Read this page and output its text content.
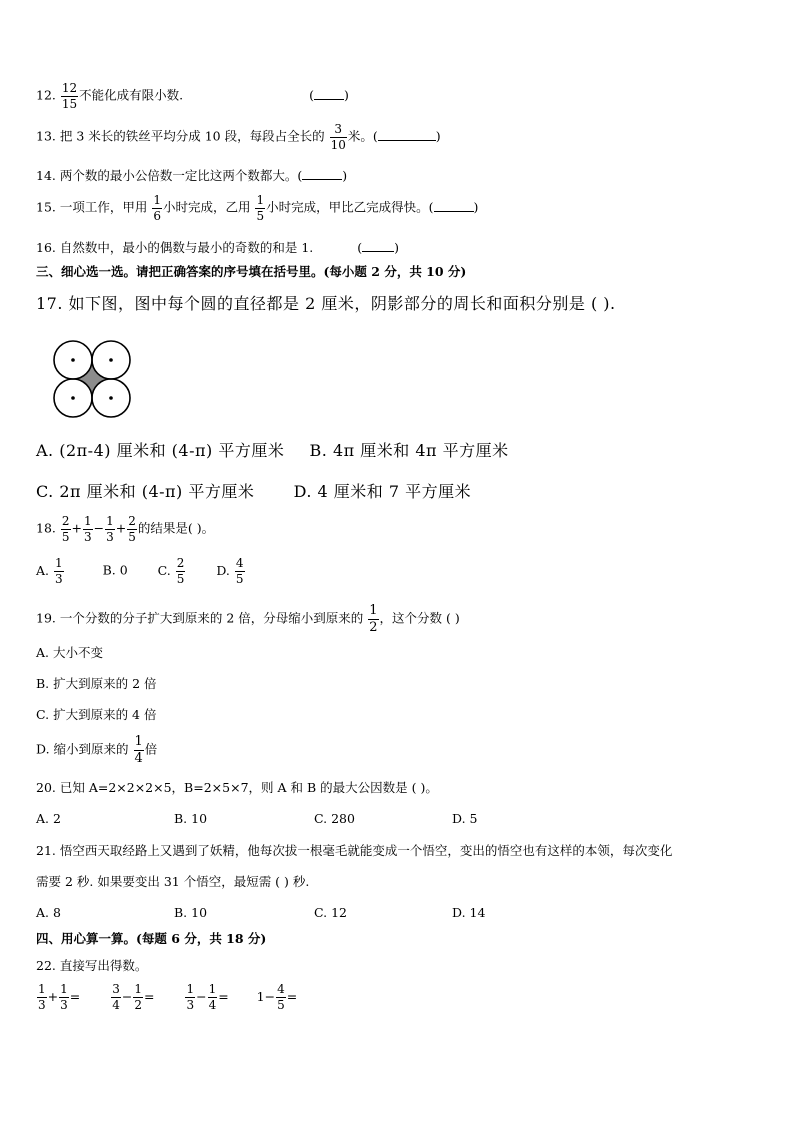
12. $\frac{12}{15}$ 不能化成有限小数.	( )
13. 把 3 米长的铁丝平均分成 10 段，每段占全长的 $\frac{3}{10}$ 米。(	)
14. 两个数的最小公倍数一定比这两个数都大。(	)
15. 一项工作，甲用 $\frac{1}{6}$ 小时完成，乙用 $\frac{1}{5}$ 小时完成，甲比乙完成得快。(	)
16. 自然数中，最小的偶数与最小的奇数的和是 1.	(	)
三、细心选一选。请把正确答案的序号填在括号里。(每小题 2 分，共 10 分)
17. 如下图，图中每个圆的直径都是 2 厘米，阴影部分的周长和面积分别是 ( ).
A. (2π-4) 厘米和 (4-π) 平方厘米 B. 4π 厘米和 4π 平方厘米
C. 2π 厘米和 (4-π) 平方厘米 D. 4 厘米和 7 平方厘米
18. $\frac{2}{5} + \frac{1}{3} - \frac{1}{3} + \frac{2}{5}$ 的结果是( )。
A. $\frac{1}{3}$	B. 0 C. $\frac{2}{5} D$. $\frac{4}{5}$
19. 一个分数的分子扩大到原来的 2 倍，分母缩小到原来的 $\frac{1}{2}$ ，这个分数 ( )
A. 大小不变
B. 扩大到原来的 2 倍
C. 扩大到原来的 4 倍
D. 缩小到原来的 $\frac{1}{4}$ 倍
20. 已知 A=2×2×2×5，B=2×5×7，则 A 和 B 的最大公因数是 ( )。
A. 2	B. 10	C. 280	D. 5
21. 悟空西天取经路上又遇到了妖精，他每次拔一根毫毛就能变成一个悟空，变出的悟空也有这样的本领，每次变化
需要 2 秒. 如果要变出 31 个悟空，最短需 ( ) 秒.
A. 8	B. 10	C. 12	D. 14
四、用心算一算。(每题 6 分，共 18 分)
22. 直接写出得数。
$\frac{1}{3} + \frac{1}{3}$ =	$\frac{3}{4} - \frac{1}{2}$ =	$\frac{1}{3} - \frac{1}{4} = 1- \frac{4}{5}$ =
